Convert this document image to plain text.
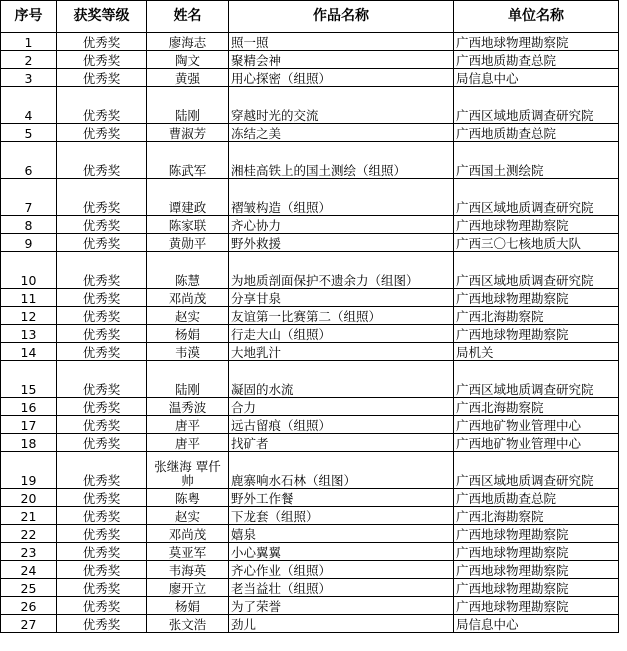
序号	获奖等级	姓名	作品名称	单位名称
1	优秀奖	廖海志	照一照	广西地球物理勘察院
2	优秀奖	陶文	聚精会神	广西地质勘查总院
3	优秀奖	黄强	用心探密（组照）	局信息中心
4	优秀奖	陆刚	穿越时光的交流	广西区域地质调查研究院
5	优秀奖	曹淑芳	冻结之美	广西地质勘查总院
6	优秀奖	陈武军	湘桂高铁上的国土测绘（组照）	广西国土测绘院
7	优秀奖	谭建政	褶皱构造（组照）	广西区域地质调查研究院
8	优秀奖	陈家联	齐心协力	广西地球物理勘察院
9	优秀奖	黄勋平	野外救援	广西三〇七核地质大队
10	优秀奖	陈慧	为地质剖面保护不遗余力（组图）	广西区域地质调查研究院
11	优秀奖	邓尚茂	分享甘泉	广西地球物理勘察院
12	优秀奖	赵实	友谊第一比赛第二（组照）	广西北海勘察院
13	优秀奖	杨娟	行走大山（组照）	广西地球物理勘察院
14	优秀奖	韦漠	大地乳汁	局机关
15	优秀奖	陆刚	凝固的水流	广西区域地质调查研究院
16	优秀奖	温秀波	合力	广西北海勘察院
17	优秀奖	唐平	远古留痕（组照）	广西地矿物业管理中心
18	优秀奖	唐平	找矿者	广西地矿物业管理中心
19	优秀奖	张继海 覃仟帅	鹿寨响水石林（组图）	广西区域地质调查研究院
20	优秀奖	陈粤	野外工作餐	广西地质勘查总院
21	优秀奖	赵实	下龙套（组照）	广西北海勘察院
22	优秀奖	邓尚茂	嬉泉	广西地球物理勘察院
23	优秀奖	莫亚军	小心翼翼	广西地球物理勘察院
24	优秀奖	韦海英	齐心作业（组照）	广西地球物理勘察院
25	优秀奖	廖开立	老当益壮（组照）	广西地球物理勘察院
26	优秀奖	杨娟	为了荣誉	广西地球物理勘察院
27	优秀奖	张文浩	劲儿	局信息中心
